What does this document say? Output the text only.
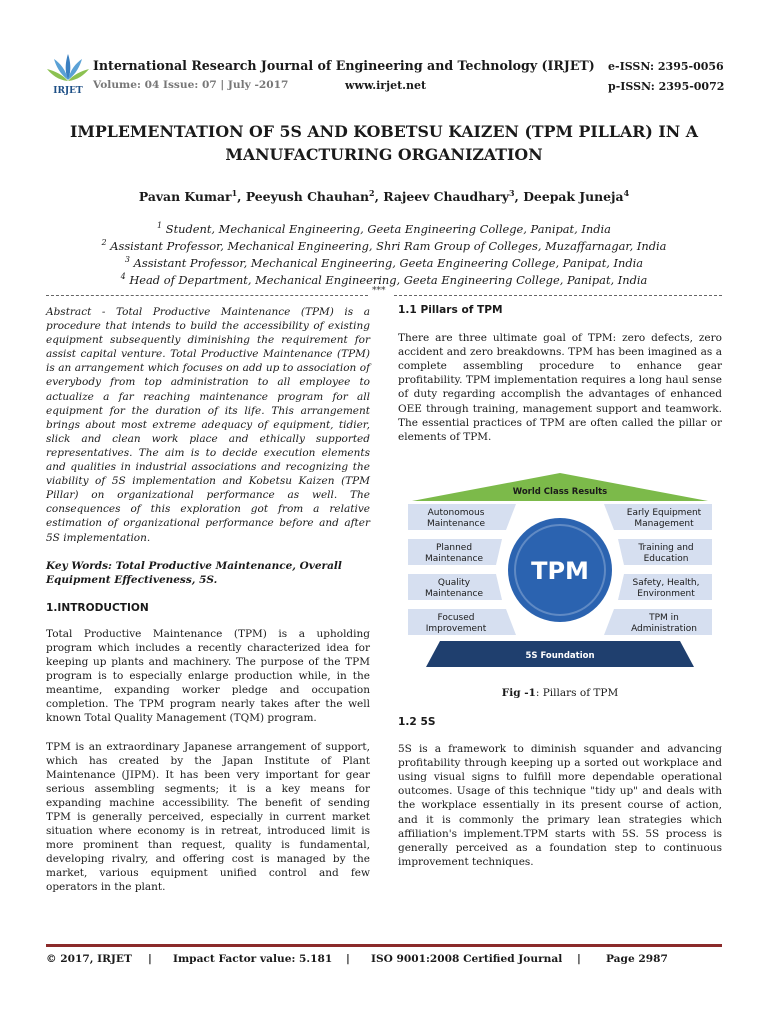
IRJET
International Research Journal of Engineering and Technology (IRJET)
Volume: 04 Issue: 07 | July -2017	www.irjet.net
e-ISSN: 2395-0056
p-ISSN: 2395-0072
IMPLEMENTATION OF 5S AND KOBETSU KAIZEN (TPM PILLAR) IN A
MANUFACTURING ORGANIZATION
Pavan Kumar$^1$, Peeyush Chauhan$^2$, Rajeev Chaudhary$^3$, Deepak Juneja$^4$
$^1$ Student, Mechanical Engineering, Geeta Engineering College, Panipat, India
$^2$ Assistant Professor, Mechanical Engineering, Shri Ram Group of Colleges, Muzaffarnagar, India
$^3$ Assistant Professor, Mechanical Engineering, Geeta Engineering College, Panipat, India
$^4$ Head of Department, Mechanical Engineering, Geeta Engineering College, Panipat, India
***

Abstract - Total Productive Maintenance (TPM) is a procedure that intends to build the accessibility of existing equipment subsequently diminishing the requirement for assist capital venture. Total Productive Maintenance (TPM) is an arrangement which focuses on add up to association of everybody from top administration to all employee to actualize a far reaching maintenance program for all equipment for the duration of its life. This arrangement brings about most extreme adequacy of equipment, tidier, slick and clean work place and ethically supported representatives. The aim is to decide execution elements and qualities in industrial associations and recognizing the viability of 5S implementation and Kobetsu Kaizen (TPM Pillar) on organizational performance as well. The consequences of this exploration got from a relative estimation of organizational performance before and after 5S implementation.

Key Words: Total Productive Maintenance, Overall Equipment Effectiveness, 5S.

1.INTRODUCTION

Total Productive Maintenance (TPM) is a upholding program which includes a recently characterized idea for keeping up plants and machinery. The purpose of the TPM program is to especially enlarge production while, in the meantime, expanding worker pledge and occupation completion. The TPM program nearly takes after the well known Total Quality Management (TQM) program.

TPM is an extraordinary Japanese arrangement of support, which has created by the Japan Institute of Plant Maintenance (JIPM). It has been very important for gear serious assembling segments; it is a key means for expanding machine accessibility. The benefit of sending TPM is generally perceived, especially in current market situation where economy is in retreat, introduced limit is more prominent than request, quality is fundamental, developing rivalry, and offering cost is managed by the market, various equipment unified control and few operators in the plant.

1.1 Pillars of TPM

There are three ultimate goal of TPM: zero defects, zero accident and zero breakdowns. TPM has been imagined as a complete assembling procedure to enhance gear profitability. TPM implementation requires a long haul sense of duty regarding accomplish the advantages of enhanced OEE through training, management support and teamwork. The essential practices of TPM are often called the pillar or elements of TPM.

World Class Results
Autonomous
Maintenance
Planned
Maintenance
Quality
Maintenance
Focused
Improvement
Early Equipment
Management
Training and
Education
Safety, Health,
Environment
TPM in
Administration
TPM
5S Foundation
Fig -1: Pillars of TPM

1.2 5S

5S is a framework to diminish squander and advancing profitability through keeping up a sorted out workplace and using visual signs to fulfill more dependable operational outcomes. Usage of this technique "tidy up" and deals with the workplace essentially in its present course of action, and it is commonly the primary lean strategies which affiliation's implement.TPM starts with 5S. 5S process is generally perceived as a foundation step to continuous improvement techniques.

© 2017, IRJET | Impact Factor value: 5.181 | ISO 9001:2008 Certified Journal | Page 2987
